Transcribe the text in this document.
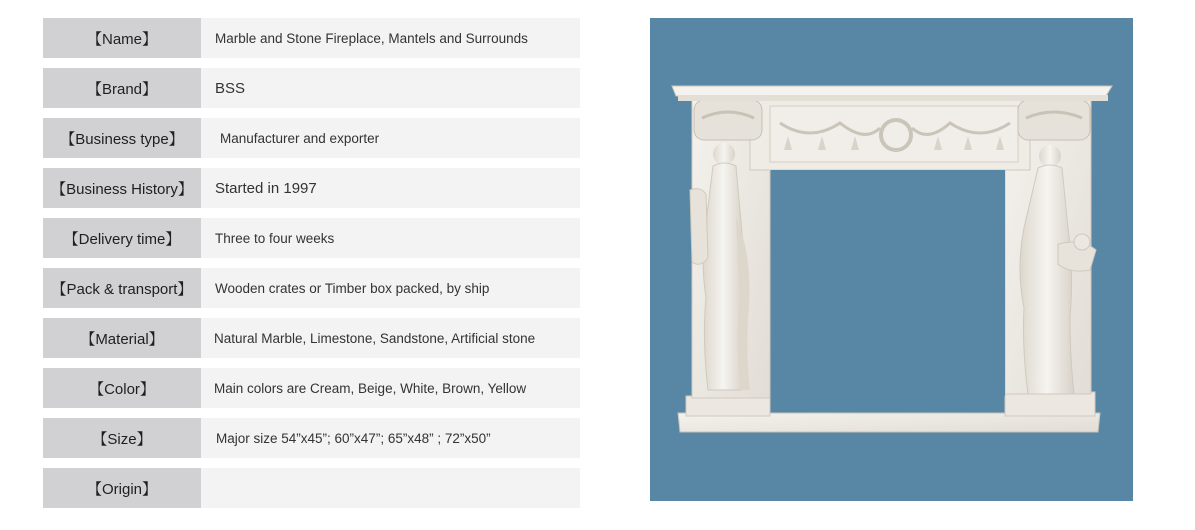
【Name】	Marble and Stone Fireplace, Mantels and Surrounds
【Brand】	BSS
【Business type】	Manufacturer and exporter
【Business History】	Started in 1997
【Delivery time】	Three to four weeks
【Pack & transport】	Wooden crates or Timber box packed, by ship
【Material】	Natural Marble, Limestone, Sandstone, Artificial stone
【Color】	Main colors are Cream, Beige, White, Brown, Yellow
【Size】	Major size 54”x45”; 60”x47”; 65”x48” ; 72”x50”
【Origin】
